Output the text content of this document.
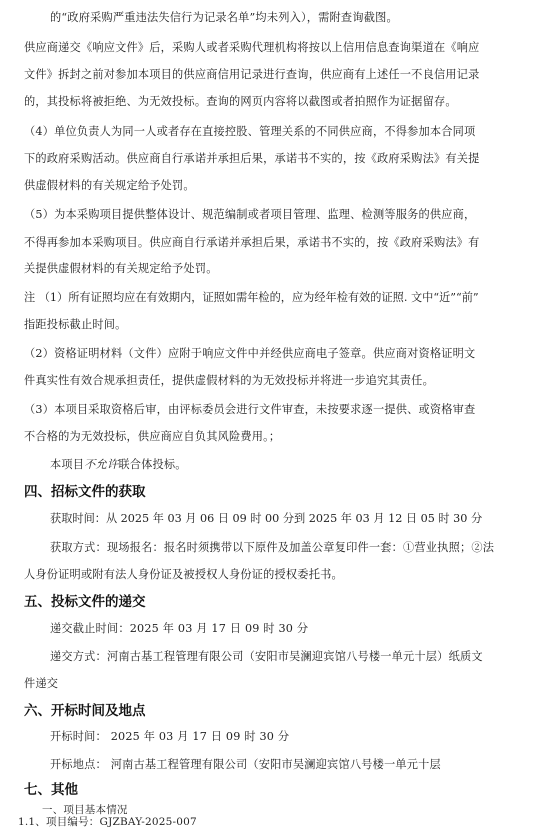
的“政府采购严重违法失信行为记录名单”均未列入），需附查询截图。
供应商递交《响应文件》后，采购人或者采购代理机构将按以上信用信息查询渠道在《响应
文件》拆封之前对参加本项目的供应商信用记录进行查询，供应商有上述任一不良信用记录
的，其投标将被拒绝、为无效投标。查询的网页内容将以截图或者拍照作为证据留存。
（4）单位负责人为同一人或者存在直接控股、管理关系的不同供应商，不得参加本合同项
下的政府采购活动。供应商自行承诺并承担后果，承诺书不实的，按《政府采购法》有关提
供虚假材料的有关规定给予处罚。
（5）为本采购项目提供整体设计、规范编制或者项目管理、监理、检测等服务的供应商，
不得再参加本采购项目。供应商自行承诺并承担后果，承诺书不实的，按《政府采购法》有
关提供虚假材料的有关规定给予处罚。
注 （1）所有证照均应在有效期内，证照如需年检的，应为经年检有效的证照. 文中“近”“前”
指距投标截止时间。
（2）资格证明材料（文件）应附于响应文件中并经供应商电子签章。供应商对资格证明文
件真实性有效合规承担责任，提供虚假材料的为无效投标并将进一步追究其责任。
（3）本项目采取资格后审，由评标委员会进行文件审查，未按要求逐一提供、或资格审查
不合格的为无效投标，供应商应自负其风险费用。；
本项目不允许联合体投标。
四、招标文件的获取
获取时间：从 2025 年 03 月 06 日 09 时 00 分到 2025 年 03 月 12 日 05 时 30 分
获取方式：现场报名：报名时须携带以下原件及加盖公章复印件一套：①营业执照；②法
人身份证明或附有法人身份证及被授权人身份证的授权委托书。
五、投标文件的递交
递交截止时间：2025 年 03 月 17 日 09 时 30 分
递交方式：河南古基工程管理有限公司（安阳市吴澜迎宾馆八号楼一单元十层）纸质文
件递交
六、开标时间及地点
开标时间： 2025 年 03 月 17 日 09 时 30 分
开标地点： 河南古基工程管理有限公司（安阳市吴澜迎宾馆八号楼一单元十层
七、其他
一、项目基本情况
1.1、项目编号：GJZBAY-2025-007
